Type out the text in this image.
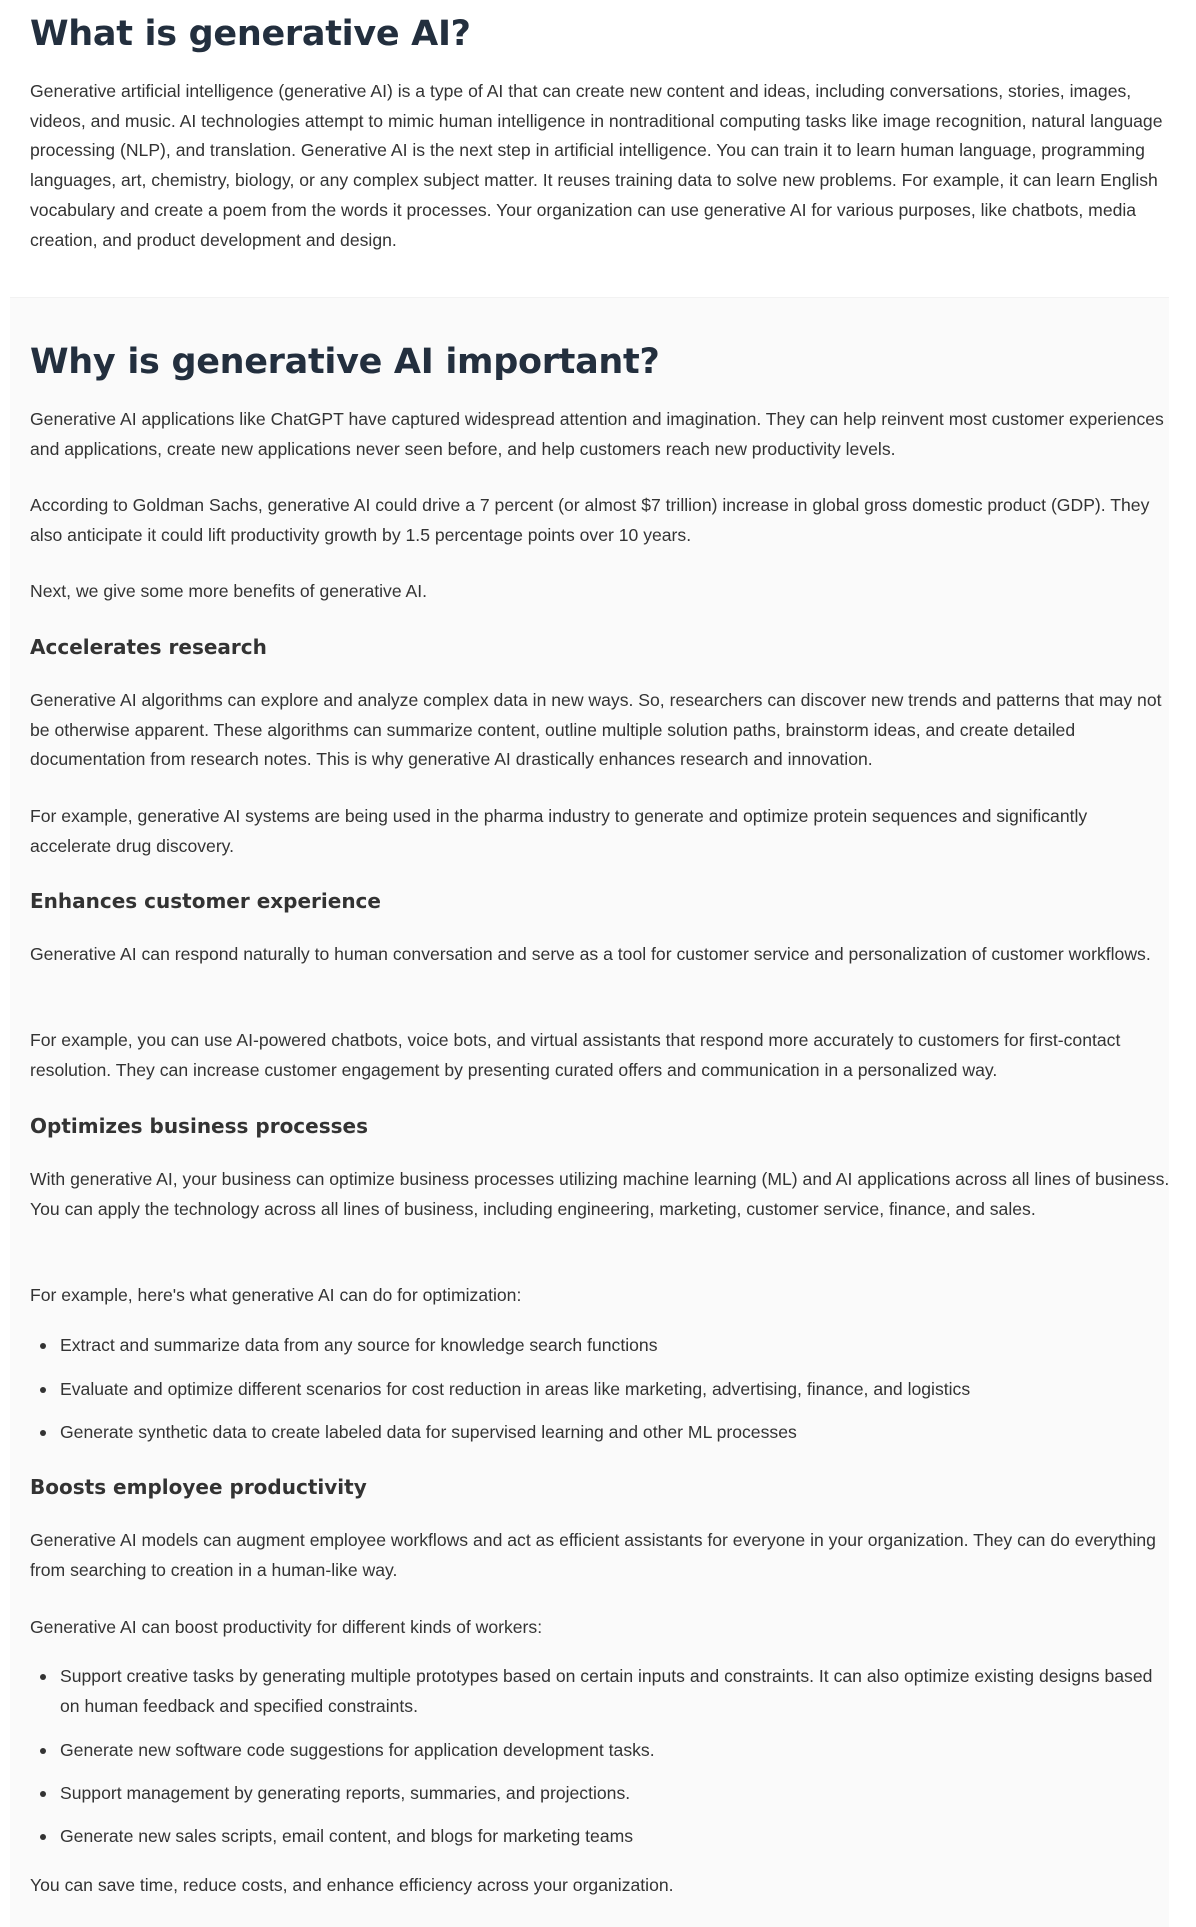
What is generative AI?

Generative artificial intelligence (generative AI) is a type of AI that can create new content and ideas, including conversations, stories, images, videos, and music. AI technologies attempt to mimic human intelligence in nontraditional computing tasks like image recognition, natural language processing (NLP), and translation. Generative AI is the next step in artificial intelligence. You can train it to learn human language, programming languages, art, chemistry, biology, or any complex subject matter. It reuses training data to solve new problems. For example, it can learn English vocabulary and create a poem from the words it processes. Your organization can use generative AI for various purposes, like chatbots, media creation, and product development and design.

Why is generative AI important?

Generative AI applications like ChatGPT have captured widespread attention and imagination. They can help reinvent most customer experiences and applications, create new applications never seen before, and help customers reach new productivity levels.

According to Goldman Sachs, generative AI could drive a 7 percent (or almost $7 trillion) increase in global gross domestic product (GDP). They also anticipate it could lift productivity growth by 1.5 percentage points over 10 years.

Next, we give some more benefits of generative AI.

Accelerates research

Generative AI algorithms can explore and analyze complex data in new ways. So, researchers can discover new trends and patterns that may not be otherwise apparent. These algorithms can summarize content, outline multiple solution paths, brainstorm ideas, and create detailed documentation from research notes. This is why generative AI drastically enhances research and innovation.

For example, generative AI systems are being used in the pharma industry to generate and optimize protein sequences and significantly accelerate drug discovery.

Enhances customer experience

Generative AI can respond naturally to human conversation and serve as a tool for customer service and personalization of customer workflows.

For example, you can use AI-powered chatbots, voice bots, and virtual assistants that respond more accurately to customers for first-contact resolution. They can increase customer engagement by presenting curated offers and communication in a personalized way.

Optimizes business processes

With generative AI, your business can optimize business processes utilizing machine learning (ML) and AI applications across all lines of business. You can apply the technology across all lines of business, including engineering, marketing, customer service, finance, and sales.

For example, here's what generative AI can do for optimization:

Extract and summarize data from any source for knowledge search functions
Evaluate and optimize different scenarios for cost reduction in areas like marketing, advertising, finance, and logistics
Generate synthetic data to create labeled data for supervised learning and other ML processes
Boosts employee productivity

Generative AI models can augment employee workflows and act as efficient assistants for everyone in your organization. They can do everything from searching to creation in a human-like way.

Generative AI can boost productivity for different kinds of workers:

Support creative tasks by generating multiple prototypes based on certain inputs and constraints. It can also optimize existing designs based on human feedback and specified constraints.
Generate new software code suggestions for application development tasks.
Support management by generating reports, summaries, and projections.
Generate new sales scripts, email content, and blogs for marketing teams

You can save time, reduce costs, and enhance efficiency across your organization.
